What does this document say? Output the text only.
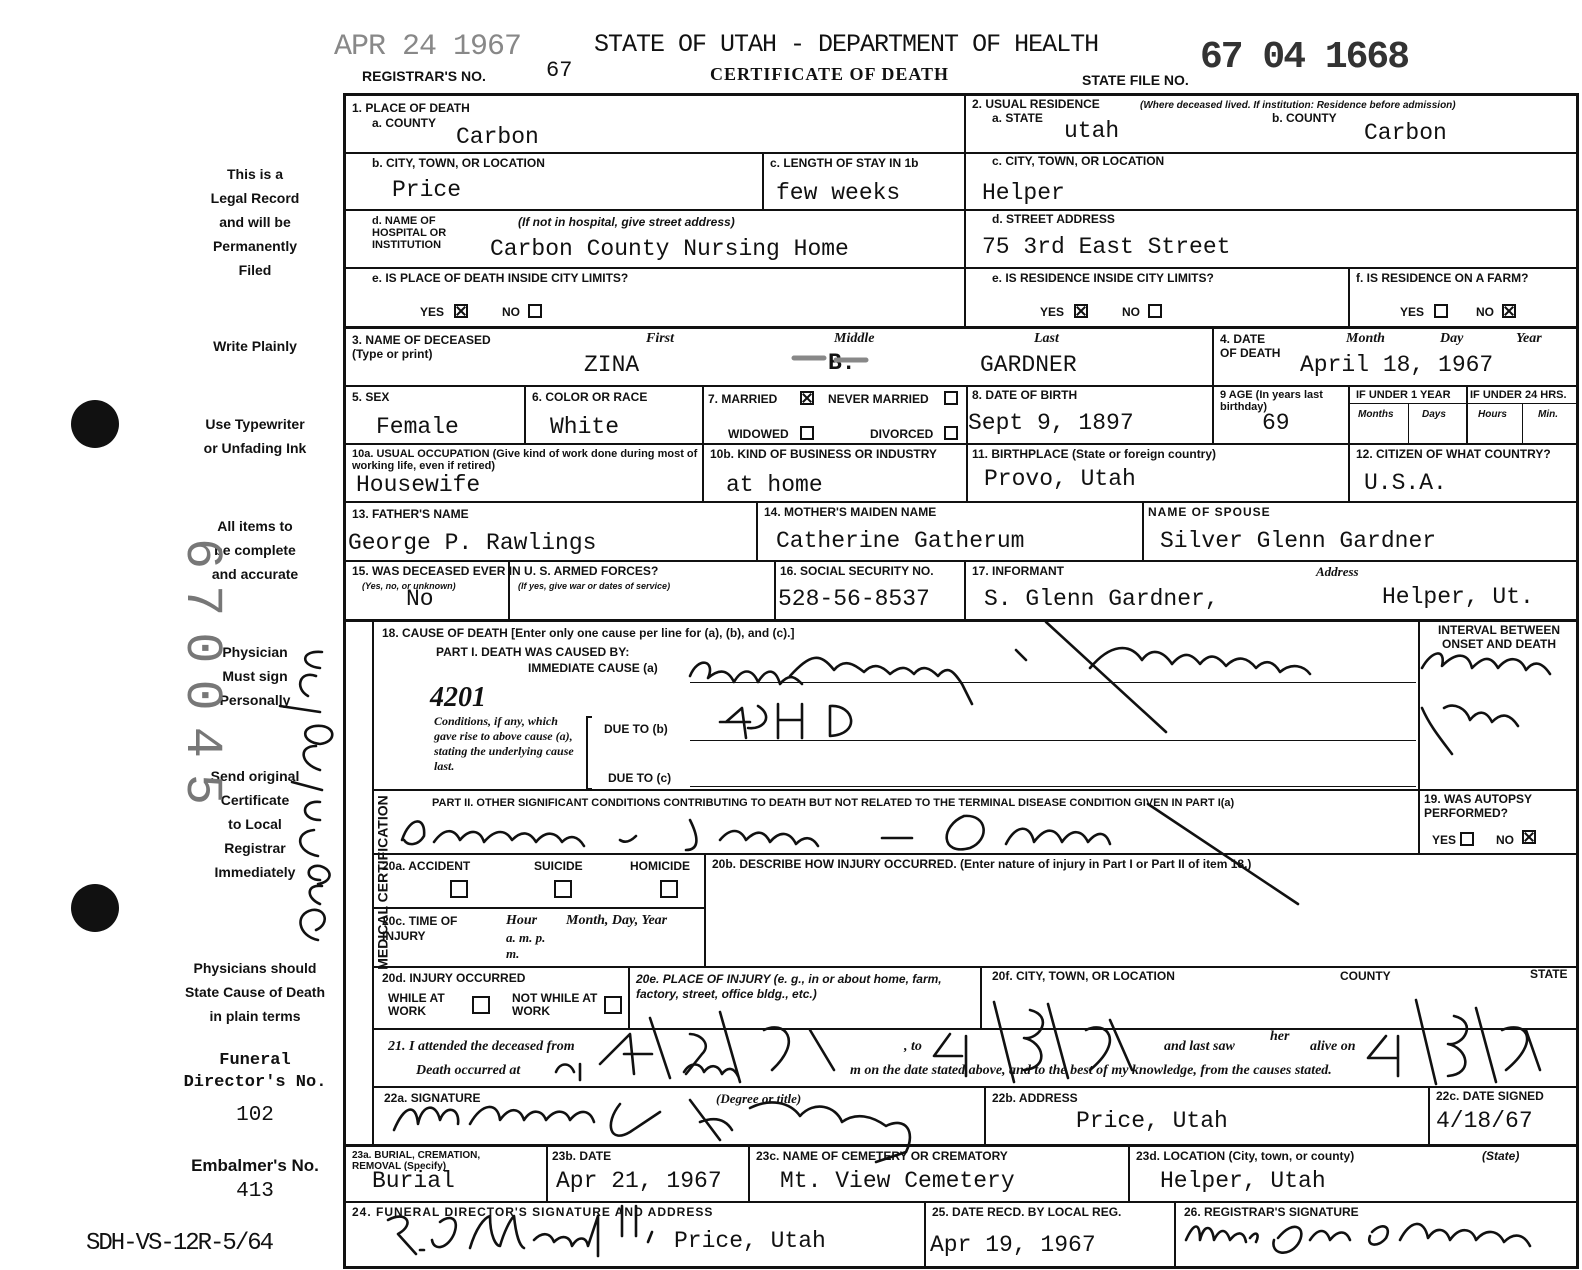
APR 24 1967
REGISTRAR'S NO.	67
STATE OF UTAH - DEPARTMENT OF HEALTH
CERTIFICATE OF DEATH	STATE FILE NO.
67 04 1668
This is a
Legal Record
and will be
Permanently
Filed
Write Plainly
Use Typewriter
or Unfading Ink
All items to
be complete
and accurate
Physician
Must sign
Personally
Send original
Certificate
to Local
Registrar
Immediately
Physicians should
State Cause of Death
in plain terms
Funeral
Director's No.
102
Embalmer's No.
413
SDH-VS-12R-5/64
670045
1. PLACE OF DEATH
a. COUNTY
Carbon
2. USUAL RESIDENCE	(Where deceased lived. If institution: Residence before admission)
a. STATE utah	b. COUNTY
Carbon
b. CITY, TOWN, OR LOCATION
Price
c. LENGTH OF STAY IN 1b
few weeks
c. CITY, TOWN, OR LOCATION
Helper
d. NAME OF HOSPITAL OR INSTITUTION
(If not in hospital, give street address)
Carbon County Nursing Home
d. STREET ADDRESS
75 3rd East Street
e. IS PLACE OF DEATH INSIDE CITY LIMITS?
YES	NO
e. IS RESIDENCE INSIDE CITY LIMITS?
YES	NO
f. IS RESIDENCE ON A FARM?
YES	NO
3. NAME OF DECEASED (Type or print)
First	Middle	Last
ZINA	B.	GARDNER
4. DATE OF DEATH
Month	Day	Year
April 18, 1967
5. SEX
Female
6. COLOR OR RACE
White
7. MARRIED	NEVER MARRIED
WIDOWED	DIVORCED
8. DATE OF BIRTH
Sept 9, 1897
9 AGE (In years last birthday)
69
IF UNDER 1 YEAR IF UNDER 24 HRS.
Months	Days	Hours	Min.
10a. USUAL OCCUPATION (Give kind of work done during most of working life, even if retired)
Housewife
10b. KIND OF BUSINESS OR INDUSTRY
at home
11. BIRTHPLACE (State or foreign country)
Provo, Utah
12. CITIZEN OF WHAT COUNTRY?
U.S.A.
13. FATHER'S NAME
George P. Rawlings
14. MOTHER'S MAIDEN NAME
Catherine Gatherum
NAME OF SPOUSE
Silver Glenn Gardner
15. WAS DECEASED EVER IN U. S. ARMED FORCES?
(Yes, no, or unknown)	(If yes, give war or dates of service)
No
16. SOCIAL SECURITY NO.
528-56-8537
17. INFORMANT	Address
S. Glenn Gardner,	Helper, Ut.
MEDICAL CERTIFICATION
18. CAUSE OF DEATH [Enter only one cause per line for (a), (b), and (c).]
PART I. DEATH WAS CAUSED BY:
IMMEDIATE CAUSE (a)
INTERVAL BETWEEN ONSET AND DEATH
4201
Conditions, if any, which gave rise to above cause (a), stating the underlying cause last.
DUE TO (b)
DUE TO (c)
PART II. OTHER SIGNIFICANT CONDITIONS CONTRIBUTING TO DEATH BUT NOT RELATED TO THE TERMINAL DISEASE CONDITION GIVEN IN PART I(a)	19. WAS AUTOPSY PERFORMED?
YES	NO
20a. ACCIDENT	SUICIDE	HOMICIDE 20b. DESCRIBE HOW INJURY OCCURRED. (Enter nature of injury in Part I or Part II of item 18.)
20c. TIME OF INJURY
Hour
a. m. p. m.
Month, Day, Year
20d. INJURY OCCURRED
WHILE AT WORK
NOT WHILE AT WORK
20e. PLACE OF INJURY (e. g., in or about home, farm, factory, street, office bldg., etc.)
20f. CITY, TOWN, OR LOCATION	COUNTY	STATE
21. I attended the deceased from	, to	and last saw
her
alive on
Death occurred at	m on the date stated above, and to the best of my knowledge, from the causes stated.
22a. SIGNATURE	(Degree or title)	22b. ADDRESS
Price, Utah
22c. DATE SIGNED
4/18/67
23a. BURIAL, CREMATION, REMOVAL (Specify)
Burial
23b. DATE
Apr 21, 1967
23c. NAME OF CEMETERY OR CREMATORY
Mt. View Cemetery
23d. LOCATION (City, town, or county)	(State)
Helper, Utah
24. FUNERAL DIRECTOR'S SIGNATURE AND ADDRESS
Price, Utah
25. DATE RECD. BY LOCAL REG.
Apr 19, 1967
26. REGISTRAR'S SIGNATURE
